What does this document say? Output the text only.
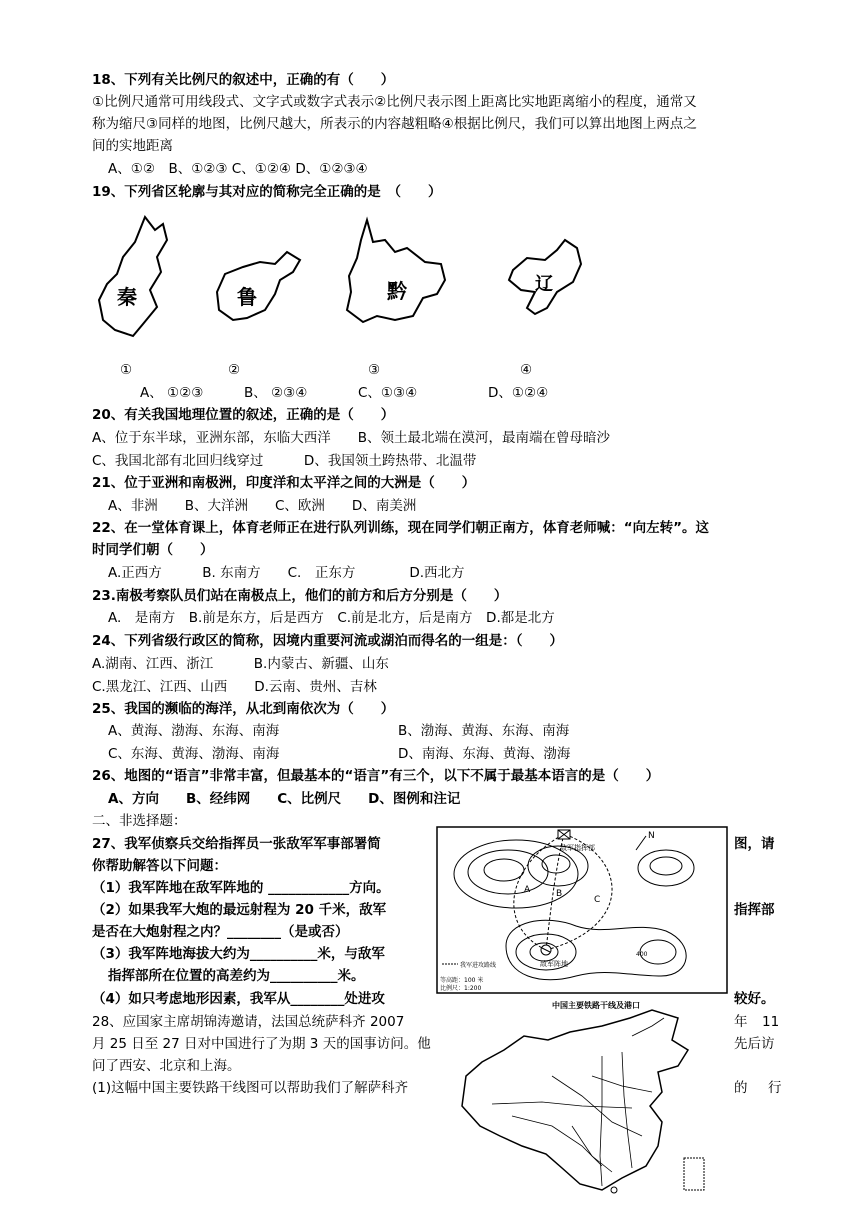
18、下列有关比例尺的叙述中，正确的有（　　）
①比例尺通常可用线段式、文字式或数字式表示②比例尺表示图上距离比实地距离缩小的程度，通常又
称为缩尺③同样的地图，比例尺越大，所表示的内容越粗略④根据比例尺，我们可以算出地图上两点之
间的实地距离
A、①②　B、①②③ C、①②④ D、①②③④
19、下列省区轮廓与其对应的简称完全正确的是　（　　）
秦	鲁	黔	辽
①	②	③	④
A、 ①②③	B、 ②③④	C、①③④	D、①②④
20、有关我国地理位置的叙述，正确的是（　　）
A、位于东半球，亚洲东部，东临大西洋　　B、领土最北端在漠河，最南端在曾母暗沙
C、我国北部有北回归线穿过　　　D、我国领土跨热带、北温带
21、位于亚洲和南极洲，印度洋和太平洋之间的大洲是（　　）
A、非洲　　B、大洋洲　　C、欧洲　　D、南美洲
22、在一堂体育课上，体育老师正在进行队列训练，现在同学们朝正南方，体育老师喊：“向左转”。这
时同学们朝（　　）
A.正西方　　　B. 东南方　　C.　正东方　　　　D.西北方
23.南极考察队员们站在南极点上，他们的前方和后方分别是（　　）
A.　是南方　B.前是东方，后是西方　C.前是北方，后是南方　D.都是北方
24、下列省级行政区的简称，因境内重要河流或湖泊而得名的一组是：（　　）
A.湖南、江西、浙江　　　B.内蒙古、新疆、山东
C.黑龙江、江西、山西　　D.云南、贵州、吉林
25、我国的濒临的海洋，从北到南依次为（　　）
A、黄海、渤海、东海、南海	B、渤海、黄海、东海、南海
C、东海、黄海、渤海、南海	D、南海、东海、黄海、渤海
26、地图的“语言”非常丰富，但最基本的“语言”有三个，以下不属于最基本语言的是（　　）
A、方向　　B、经纬网　　C、比例尺　　D、图例和注记
二、非选择题：
27、我军侦察兵交给指挥员一张敌军军事部署简	图，请
你帮助解答以下问题：
（1）我军阵地在敌军阵地的 ____________方向。
（2）如果我军大炮的最远射程为 20 千米，敌军	指挥部
是否在大炮射程之内？________（是或否）
（3）我军阵地海拔大约为__________米，与敌军
指挥部所在位置的高差约为__________米。
（4）如只考虑地形因素，我军从________处进攻	较好。
敌军指挥部
敌军阵地
A	B
C
N
400
我军进攻路线
等高距：100 米
比例尺：1:200
28、应国家主席胡锦涛邀请，法国总统萨科齐 2007	年 11
月 25 日至 27 日对中国进行了为期 3 天的国事访问。他	先后访
问了西安、北京和上海。
(1)这幅中国主要铁路干线图可以帮助我们了解萨科齐	的 行
中国主要铁路干线及港口
